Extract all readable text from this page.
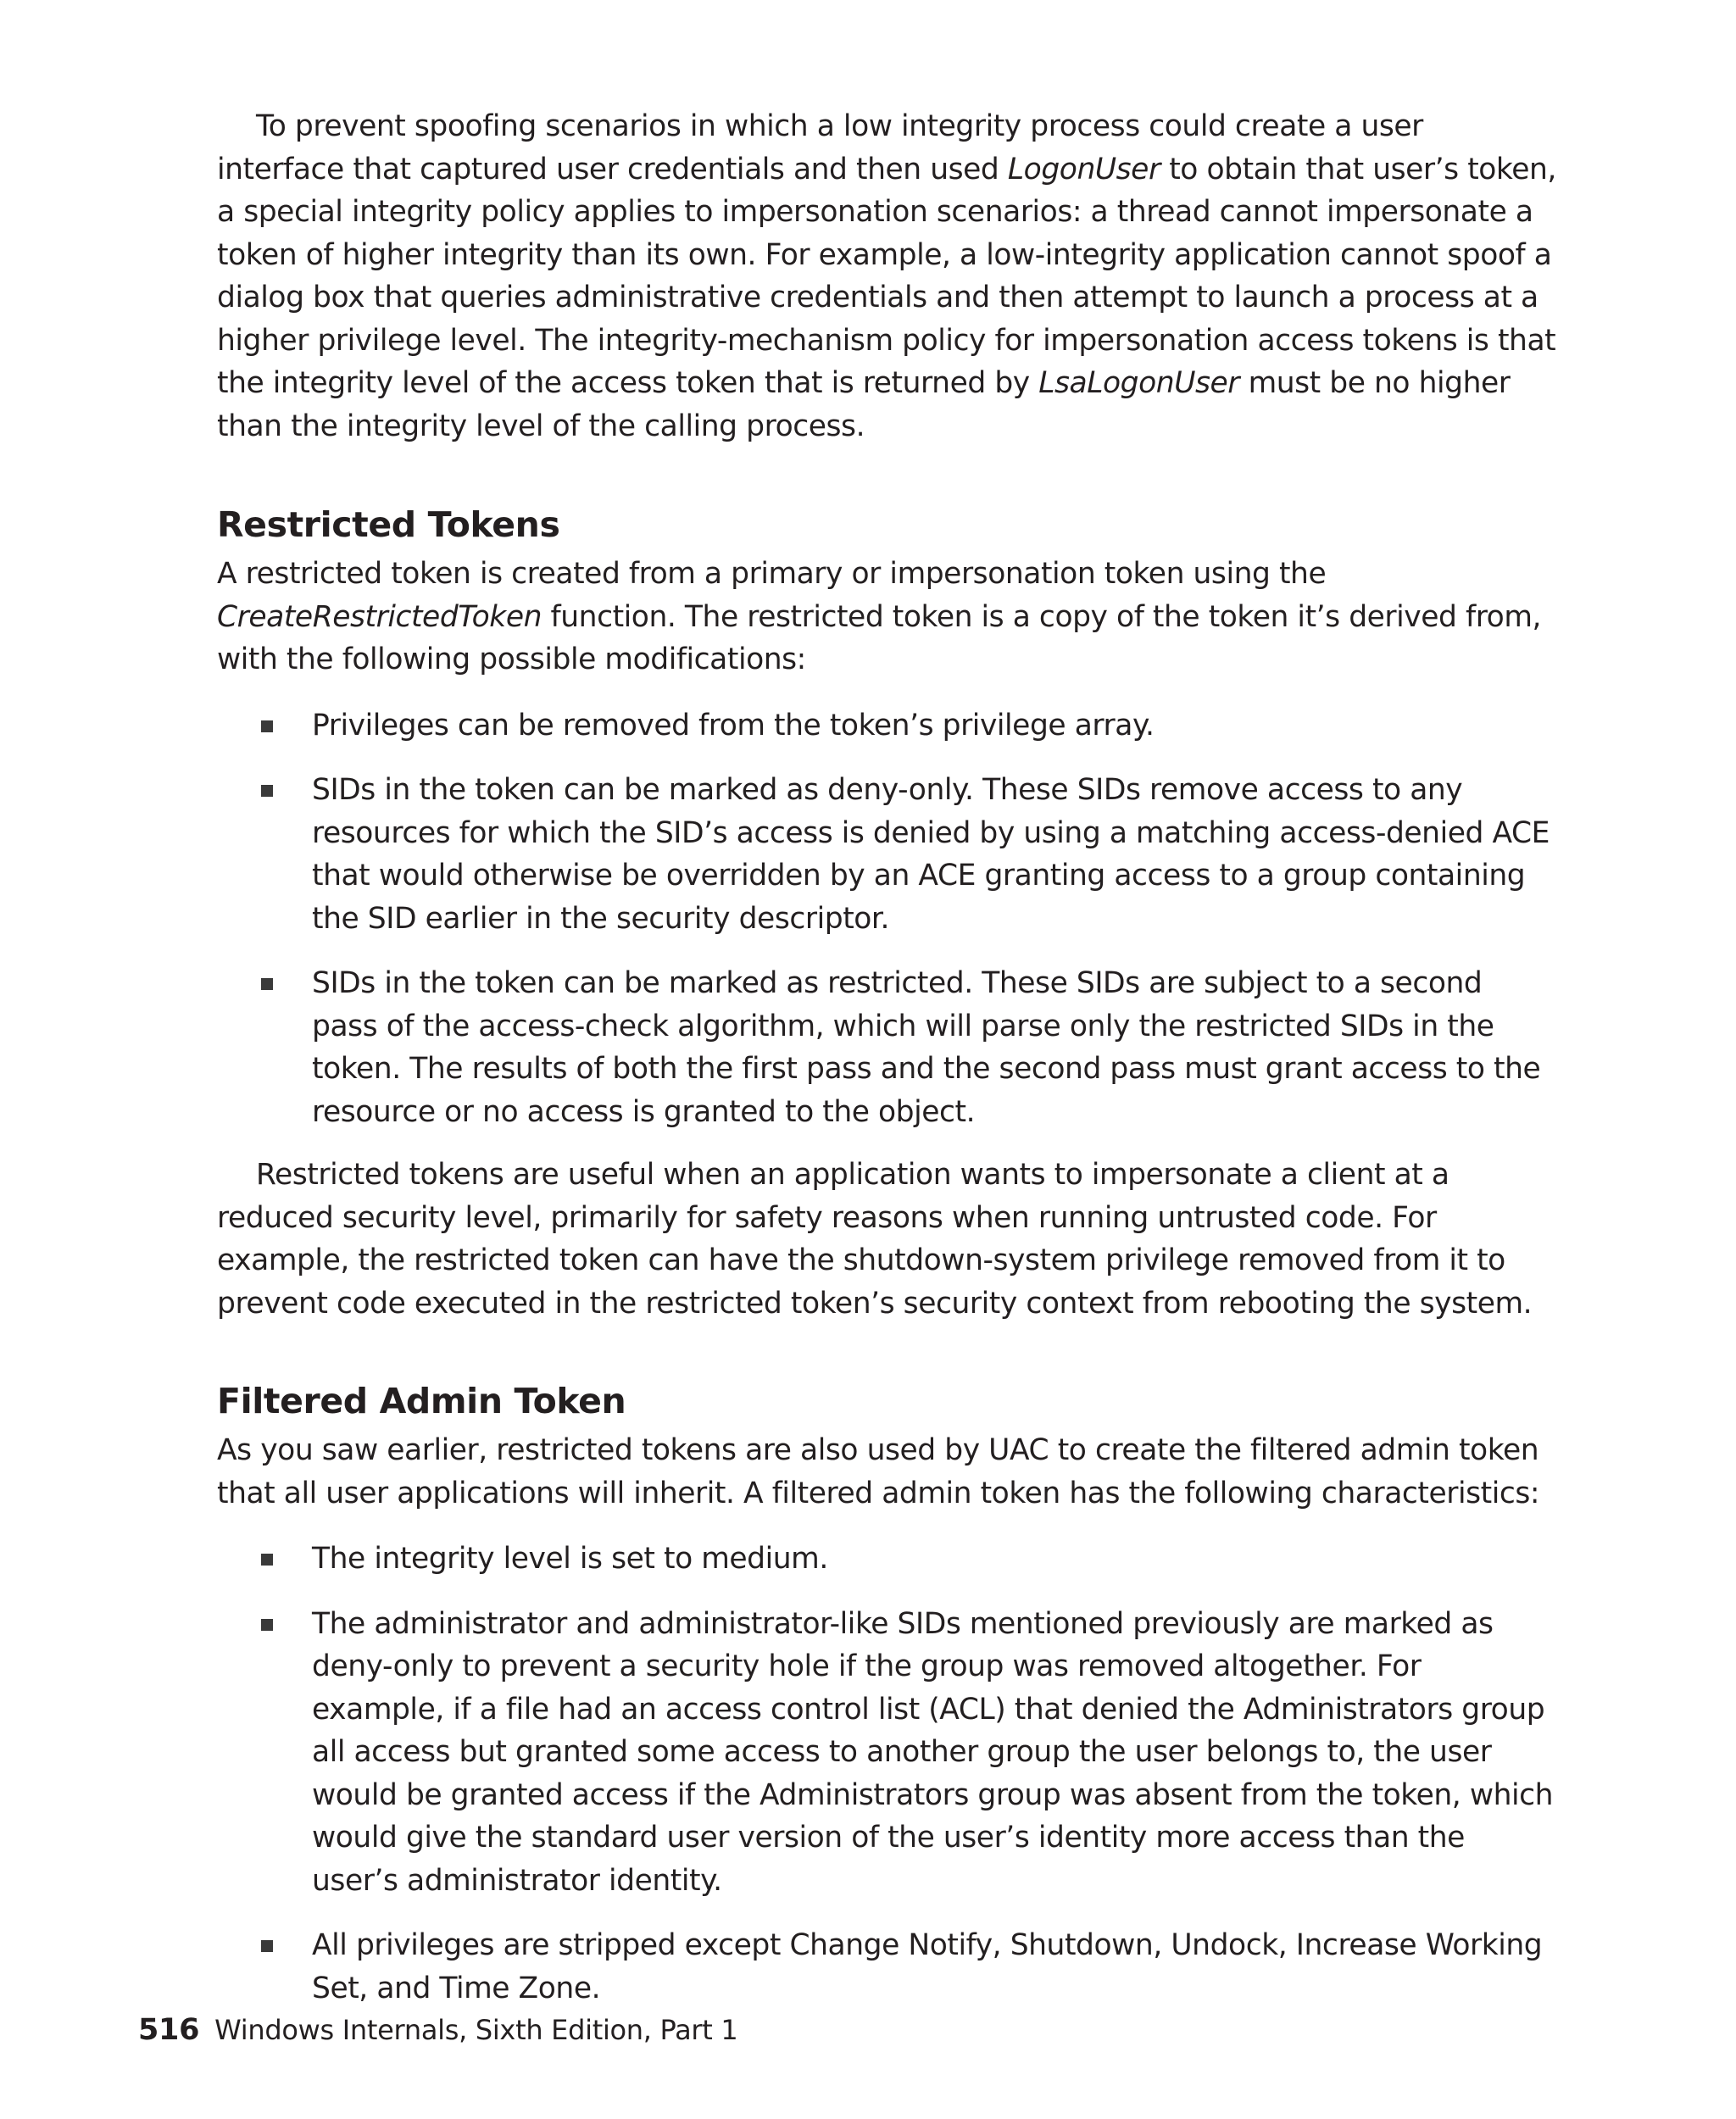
To prevent spoofing scenarios in which a low integrity process could create a user interface that captured user credentials and then used LogonUser to obtain that user’s token, a special integrity policy applies to impersonation scenarios: a thread cannot impersonate a token of higher integrity than its own. For example, a low-integrity application cannot spoof a dialog box that queries administrative credentials and then attempt to launch a process at a higher privilege level. The integrity-mechanism policy for impersonation access tokens is that the integrity level of the access token that is returned by LsaLogonUser must be no higher than the integrity level of the calling process.

Restricted Tokens

A restricted token is created from a primary or impersonation token using the CreateRestrictedToken function. The restricted token is a copy of the token it’s derived from, with the following possible modifications:

Privileges can be removed from the token’s privilege array.
SIDs in the token can be marked as deny-only. These SIDs remove access to any resources for which the SID’s access is denied by using a matching access-denied ACE that would otherwise be overridden by an ACE granting access to a group containing the SID earlier in the security descriptor.
SIDs in the token can be marked as restricted. These SIDs are subject to a second pass of the access-check algorithm, which will parse only the restricted SIDs in the token. The results of both the first pass and the second pass must grant access to the resource or no access is granted to the object.

Restricted tokens are useful when an application wants to impersonate a client at a reduced security level, primarily for safety reasons when running untrusted code. For example, the restricted token can have the shutdown-system privilege removed from it to prevent code executed in the restricted token’s security context from rebooting the system.

Filtered Admin Token

As you saw earlier, restricted tokens are also used by UAC to create the filtered admin token that all user applications will inherit. A filtered admin token has the following characteristics:

The integrity level is set to medium.
The administrator and administrator-like SIDs mentioned previously are marked as deny-only to prevent a security hole if the group was removed altogether. For example, if a file had an access control list (ACL) that denied the Administrators group all access but granted some access to another group the user belongs to, the user would be granted access if the Administrators group was absent from the token, which would give the standard user version of the user’s identity more access than the user’s administrator identity.
All privileges are stripped except Change Notify, Shutdown, Undock, Increase Working Set, and Time Zone.
516 Windows Internals, Sixth Edition, Part 1
